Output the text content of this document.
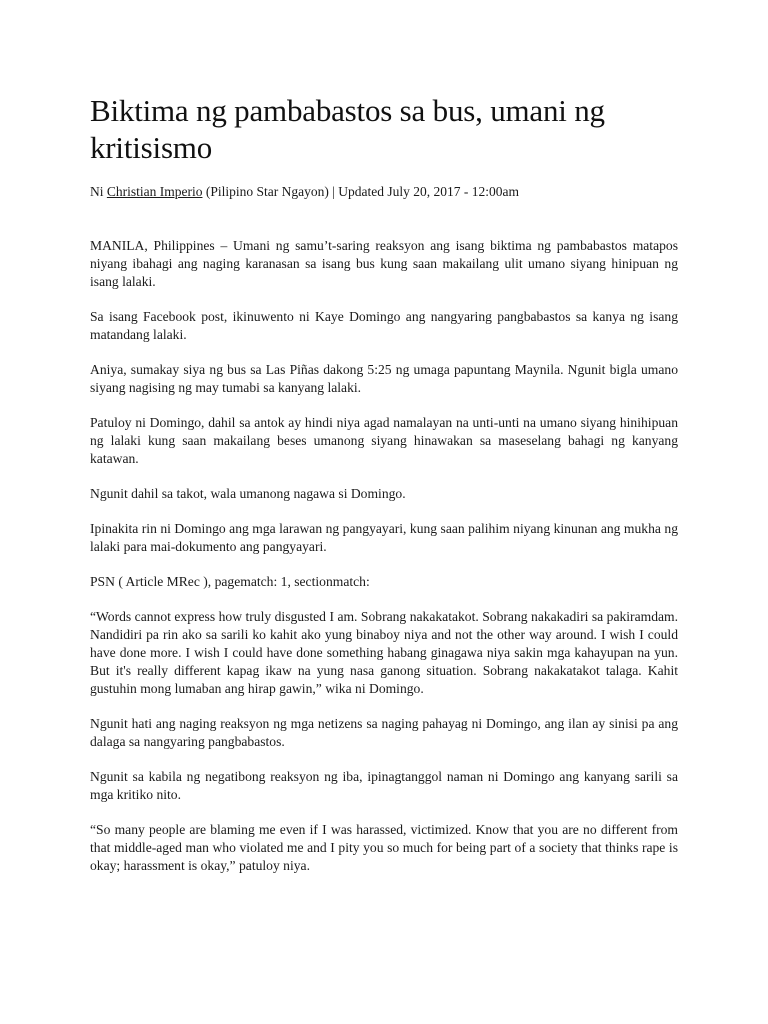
Biktima ng pambabastos sa bus, umani ng kritisismo

Ni Christian Imperio (Pilipino Star Ngayon) | Updated July 20, 2017 - 12:00am

MANILA, Philippines – Umani ng samu’t-saring reaksyon ang isang biktima ng pambabastos matapos niyang ibahagi ang naging karanasan sa isang bus kung saan makailang ulit umano siyang hinipuan ng isang lalaki.

Sa isang Facebook post, ikinuwento ni Kaye Domingo ang nangyaring pangbabastos sa kanya ng isang matandang lalaki.

Aniya, sumakay siya ng bus sa Las Piñas dakong 5:25 ng umaga papuntang Maynila. Ngunit bigla umano siyang nagising ng may tumabi sa kanyang lalaki.

Patuloy ni Domingo, dahil sa antok ay hindi niya agad namalayan na unti-unti na umano siyang hinihipuan ng lalaki kung saan makailang beses umanong siyang hinawakan sa maseselang bahagi ng kanyang katawan.

Ngunit dahil sa takot, wala umanong nagawa si Domingo.

Ipinakita rin ni Domingo ang mga larawan ng pangyayari, kung saan palihim niyang kinunan ang mukha ng lalaki para mai-dokumento ang pangyayari.

PSN ( Article MRec ), pagematch: 1, sectionmatch:

“Words cannot express how truly disgusted I am. Sobrang nakakatakot. Sobrang nakakadiri sa pakiramdam. Nandidiri pa rin ako sa sarili ko kahit ako yung binaboy niya and not the other way around. I wish I could have done more. I wish I could have done something habang ginagawa niya sakin mga kahayupan na yun. But it's really different kapag ikaw na yung nasa ganong situation. Sobrang nakakatakot talaga. Kahit gustuhin mong lumaban ang hirap gawin,” wika ni Domingo.

Ngunit hati ang naging reaksyon ng mga netizens sa naging pahayag ni Domingo, ang ilan ay sinisi pa ang dalaga sa nangyaring pangbabastos.

Ngunit sa kabila ng negatibong reaksyon ng iba, ipinagtanggol naman ni Domingo ang kanyang sarili sa mga kritiko nito.

“So many people are blaming me even if I was harassed, victimized. Know that you are no different from that middle-aged man who violated me and I pity you so much for being part of a society that thinks rape is okay; harassment is okay,” patuloy niya.
